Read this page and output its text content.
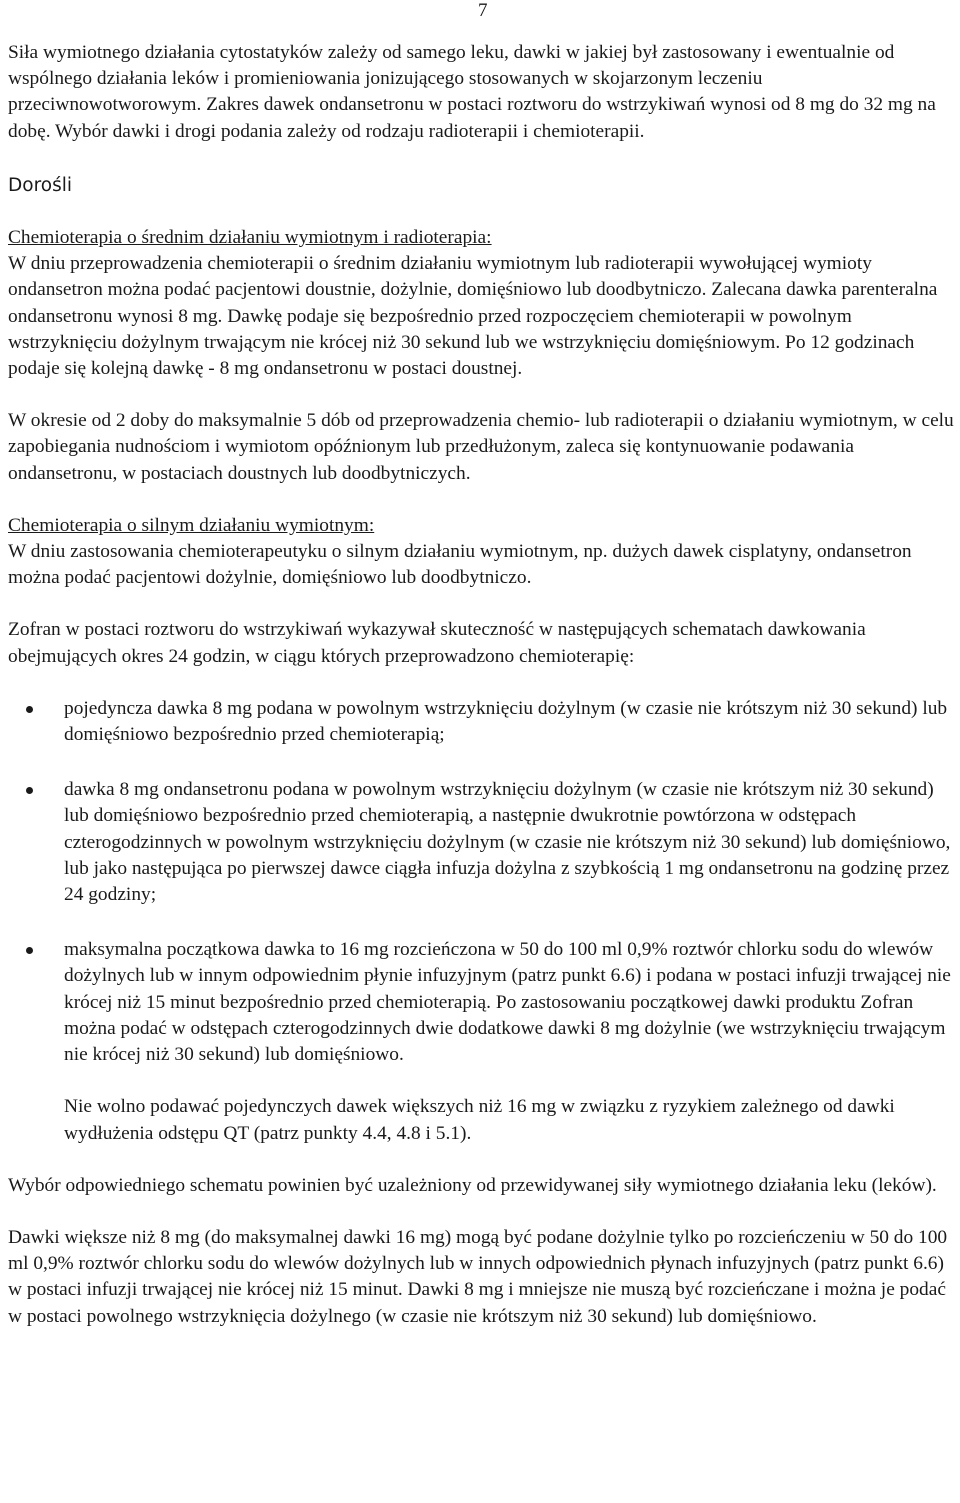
7

Siła wymiotnego działania cytostatyków zależy od samego leku, dawki w jakiej był zastosowany i ewentualnie od wspólnego działania leków i promieniowania jonizującego stosowanych w skojarzonym leczeniu przeciwnowotworowym. Zakres dawek ondansetronu w postaci roztworu do wstrzykiwań wynosi od 8 mg do 32 mg na dobę. Wybór dawki i drogi podania zależy od rodzaju radioterapii i chemioterapii.

Dorośli

Chemioterapia o średnim działaniu wymiotnym i radioterapia:
W dniu przeprowadzenia chemioterapii o średnim działaniu wymiotnym lub radioterapii wywołującej wymioty ondansetron można podać pacjentowi doustnie, dożylnie, domięśniowo lub doodbytniczo. Zalecana dawka parenteralna ondansetronu wynosi 8 mg. Dawkę podaje się bezpośrednio przed rozpoczęciem chemioterapii w powolnym wstrzyknięciu dożylnym trwającym nie krócej niż 30 sekund lub we wstrzyknięciu domięśniowym. Po 12 godzinach podaje się kolejną dawkę - 8 mg ondansetronu w postaci doustnej.

W okresie od 2 doby do maksymalnie 5 dób od przeprowadzenia chemio- lub radioterapii o działaniu wymiotnym, w celu zapobiegania nudnościom i wymiotom opóźnionym lub przedłużonym, zaleca się kontynuowanie podawania ondansetronu, w postaciach doustnych lub doodbytniczych.

Chemioterapia o silnym działaniu wymiotnym:
W dniu zastosowania chemioterapeutyku o silnym działaniu wymiotnym, np. dużych dawek cisplatyny, ondansetron można podać pacjentowi dożylnie, domięśniowo lub doodbytniczo.

Zofran w postaci roztworu do wstrzykiwań wykazywał skuteczność w następujących schematach dawkowania obejmujących okres 24 godzin, w ciągu których przeprowadzono chemioterapię:

pojedyncza dawka 8 mg podana w powolnym wstrzyknięciu dożylnym (w czasie nie krótszym niż 30 sekund) lub domięśniowo bezpośrednio przed chemioterapią;
dawka 8 mg ondansetronu podana w powolnym wstrzyknięciu dożylnym (w czasie nie krótszym niż 30 sekund) lub domięśniowo bezpośrednio przed chemioterapią, a następnie dwukrotnie powtórzona w odstępach czterogodzinnych w powolnym wstrzyknięciu dożylnym (w czasie nie krótszym niż 30 sekund) lub domięśniowo, lub jako następująca po pierwszej dawce ciągła infuzja dożylna z szybkością 1 mg ondansetronu na godzinę przez 24 godziny;
maksymalna początkowa dawka to 16 mg rozcieńczona w 50 do 100 ml 0,9% roztwór chlorku sodu do wlewów dożylnych lub w innym odpowiednim płynie infuzyjnym (patrz punkt 6.6) i podana w postaci infuzji trwającej nie krócej niż 15 minut bezpośrednio przed chemioterapią. Po zastosowaniu początkowej dawki produktu Zofran można podać w odstępach czterogodzinnych dwie dodatkowe dawki 8 mg dożylnie (we wstrzyknięciu trwającym nie krócej niż 30 sekund) lub domięśniowo.

Nie wolno podawać pojedynczych dawek większych niż 16 mg w związku z ryzykiem zależnego od dawki wydłużenia odstępu QT (patrz punkty 4.4, 4.8 i 5.1).

Wybór odpowiedniego schematu powinien być uzależniony od przewidywanej siły wymiotnego działania leku (leków).

Dawki większe niż 8 mg (do maksymalnej dawki 16 mg) mogą być podane dożylnie tylko po rozcieńczeniu w 50 do 100 ml 0,9% roztwór chlorku sodu do wlewów dożylnych lub w innych odpowiednich płynach infuzyjnych (patrz punkt 6.6) w postaci infuzji trwającej nie krócej niż 15 minut. Dawki 8 mg i mniejsze nie muszą być rozcieńczane i można je podać w postaci powolnego wstrzyknięcia dożylnego (w czasie nie krótszym niż 30 sekund) lub domięśniowo.
